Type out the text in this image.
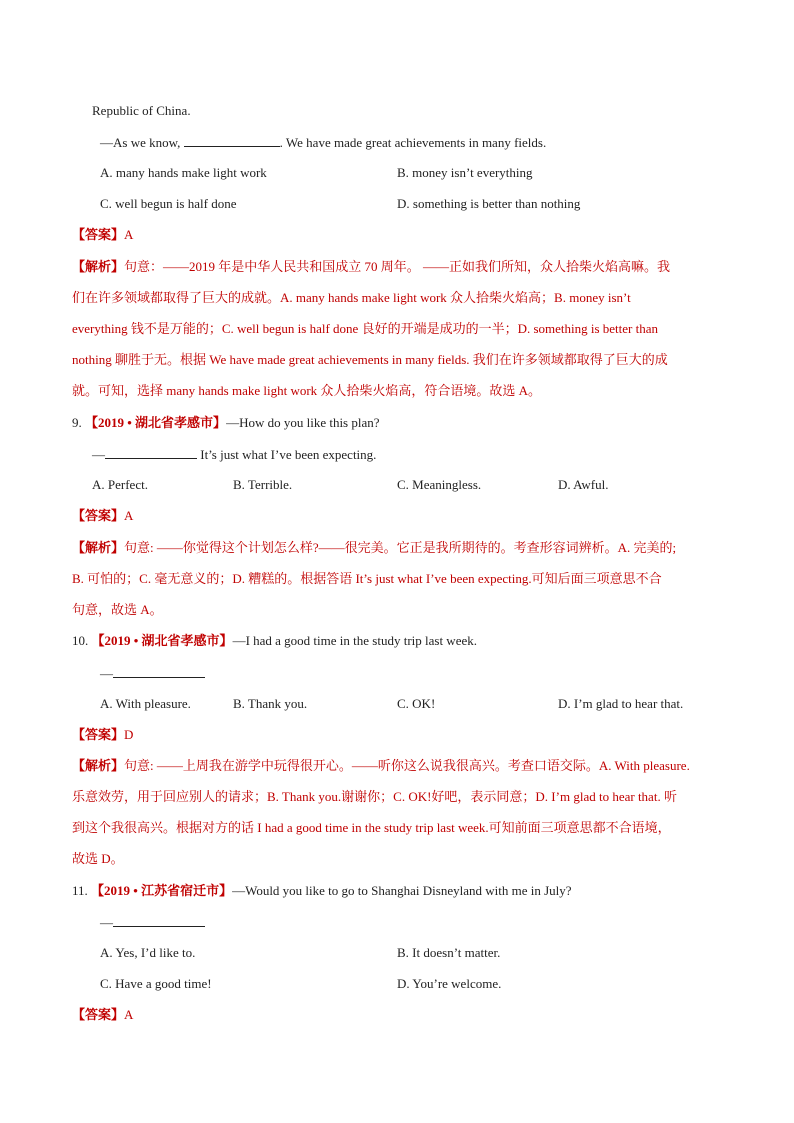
Republic of China.
—As we know,	. We have made great achievements in many fields.
A. many hands make light work	B. money isn’t everything
C. well begun is half done	D. something is better than nothing
【答案】A
【解析】句意：——2019 年是中华人民共和国成立 70 周年。 ——正如我们所知，众人拾柴火焰高嘛。我
们在许多领域都取得了巨大的成就。A. many hands make light work 众人拾柴火焰高；B. money isn’t
everything 钱不是万能的；C. well begun is half done 良好的开端是成功的一半；D. something is better than
nothing 聊胜于无。根据 We have made great achievements in many fields. 我们在许多领域都取得了巨大的成
就。可知，选择 many hands make light work 众人拾柴火焰高，符合语境。故选 A。
9. 【2019 • 湖北省孝感市】—How do you like this plan?
—	It’s just what I’ve been expecting.
A. Perfect.	B. Terrible.	C. Meaningless.	D. Awful.
【答案】A
【解析】句意: ——你觉得这个计划怎么样?——很完美。它正是我所期待的。考查形容词辨析。A. 完美的;
B. 可怕的；C. 毫无意义的；D. 糟糕的。根据答语 It’s just what I’ve been expecting.可知后面三项意思不合
句意，故选 A。
10. 【2019 • 湖北省孝感市】—I had a good time in the study trip last week.
—
A. With pleasure.	B. Thank you.	C. OK!	D. I’m glad to hear that.
【答案】D
【解析】句意: ——上周我在游学中玩得很开心。——听你这么说我很高兴。考查口语交际。A. With pleasure.
乐意效劳，用于回应别人的请求；B. Thank you.谢谢你；C. OK!好吧，表示同意；D. I’m glad to hear that. 听
到这个我很高兴。根据对方的话 I had a good time in the study trip last week.可知前面三项意思都不合语境，
故选 D。
11. 【2019 • 江苏省宿迁市】—Would you like to go to Shanghai Disneyland with me in July?
—
A. Yes, I’d like to.	B. It doesn’t matter.
C. Have a good time!	D. You’re welcome.
【答案】A
